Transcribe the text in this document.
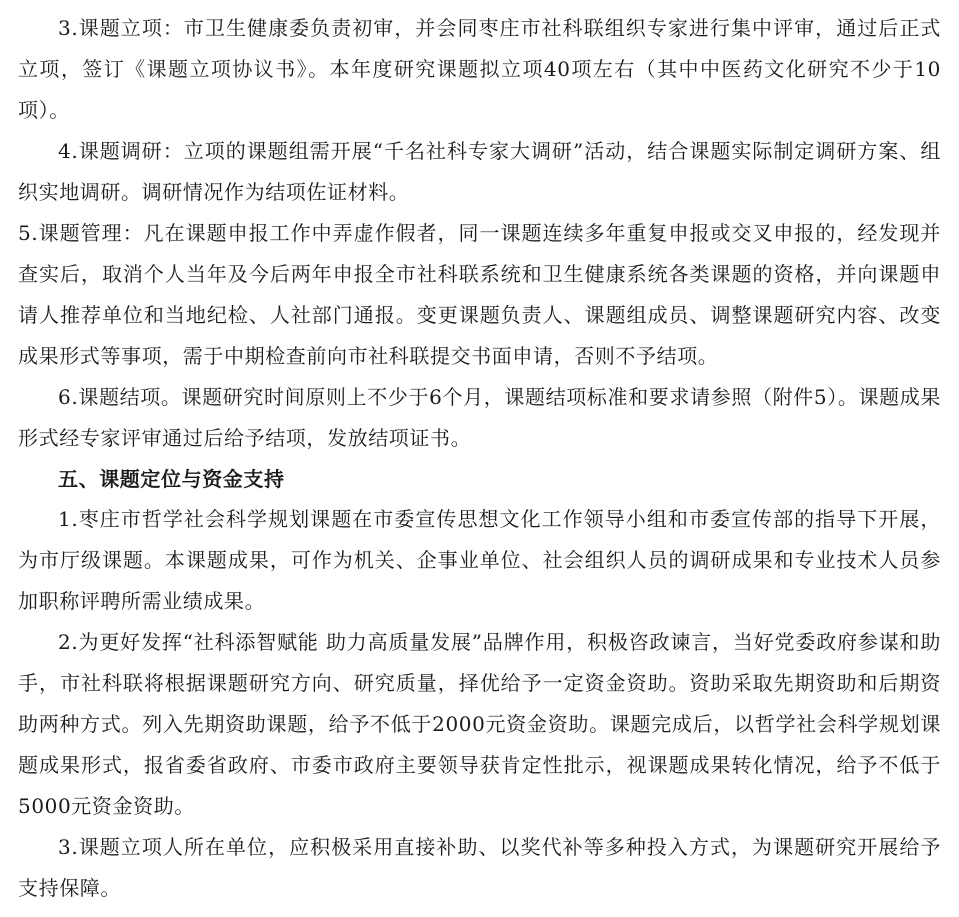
3.课题立项：市卫生健康委负责初审，并会同枣庄市社科联组织专家进行集中评审，通过后正式立项，签订《课题立项协议书》。本年度研究课题拟立项40项左右（其中中医药文化研究不少于10项）。

4.课题调研：立项的课题组需开展“千名社科专家大调研”活动，结合课题实际制定调研方案、组织实地调研。调研情况作为结项佐证材料。

5.课题管理：凡在课题申报工作中弄虚作假者，同一课题连续多年重复申报或交叉申报的，经发现并查实后，取消个人当年及今后两年申报全市社科联系统和卫生健康系统各类课题的资格，并向课题申请人推荐单位和当地纪检、人社部门通报。变更课题负责人、课题组成员、调整课题研究内容、改变成果形式等事项，需于中期检查前向市社科联提交书面申请，否则不予结项。

6.课题结项。课题研究时间原则上不少于6个月，课题结项标准和要求请参照（附件5）。课题成果形式经专家评审通过后给予结项，发放结项证书。

五、课题定位与资金支持

1.枣庄市哲学社会科学规划课题在市委宣传思想文化工作领导小组和市委宣传部的指导下开展，为市厅级课题。本课题成果，可作为机关、企事业单位、社会组织人员的调研成果和专业技术人员参加职称评聘所需业绩成果。

2.为更好发挥“社科添智赋能 助力高质量发展”品牌作用，积极咨政谏言，当好党委政府参谋和助手，市社科联将根据课题研究方向、研究质量，择优给予一定资金资助。资助采取先期资助和后期资助两种方式。列入先期资助课题，给予不低于2000元资金资助。课题完成后，以哲学社会科学规划课题成果形式，报省委省政府、市委市政府主要领导获肯定性批示，视课题成果转化情况，给予不低于5000元资金资助。

3.课题立项人所在单位，应积极采用直接补助、以奖代补等多种投入方式，为课题研究开展给予支持保障。
